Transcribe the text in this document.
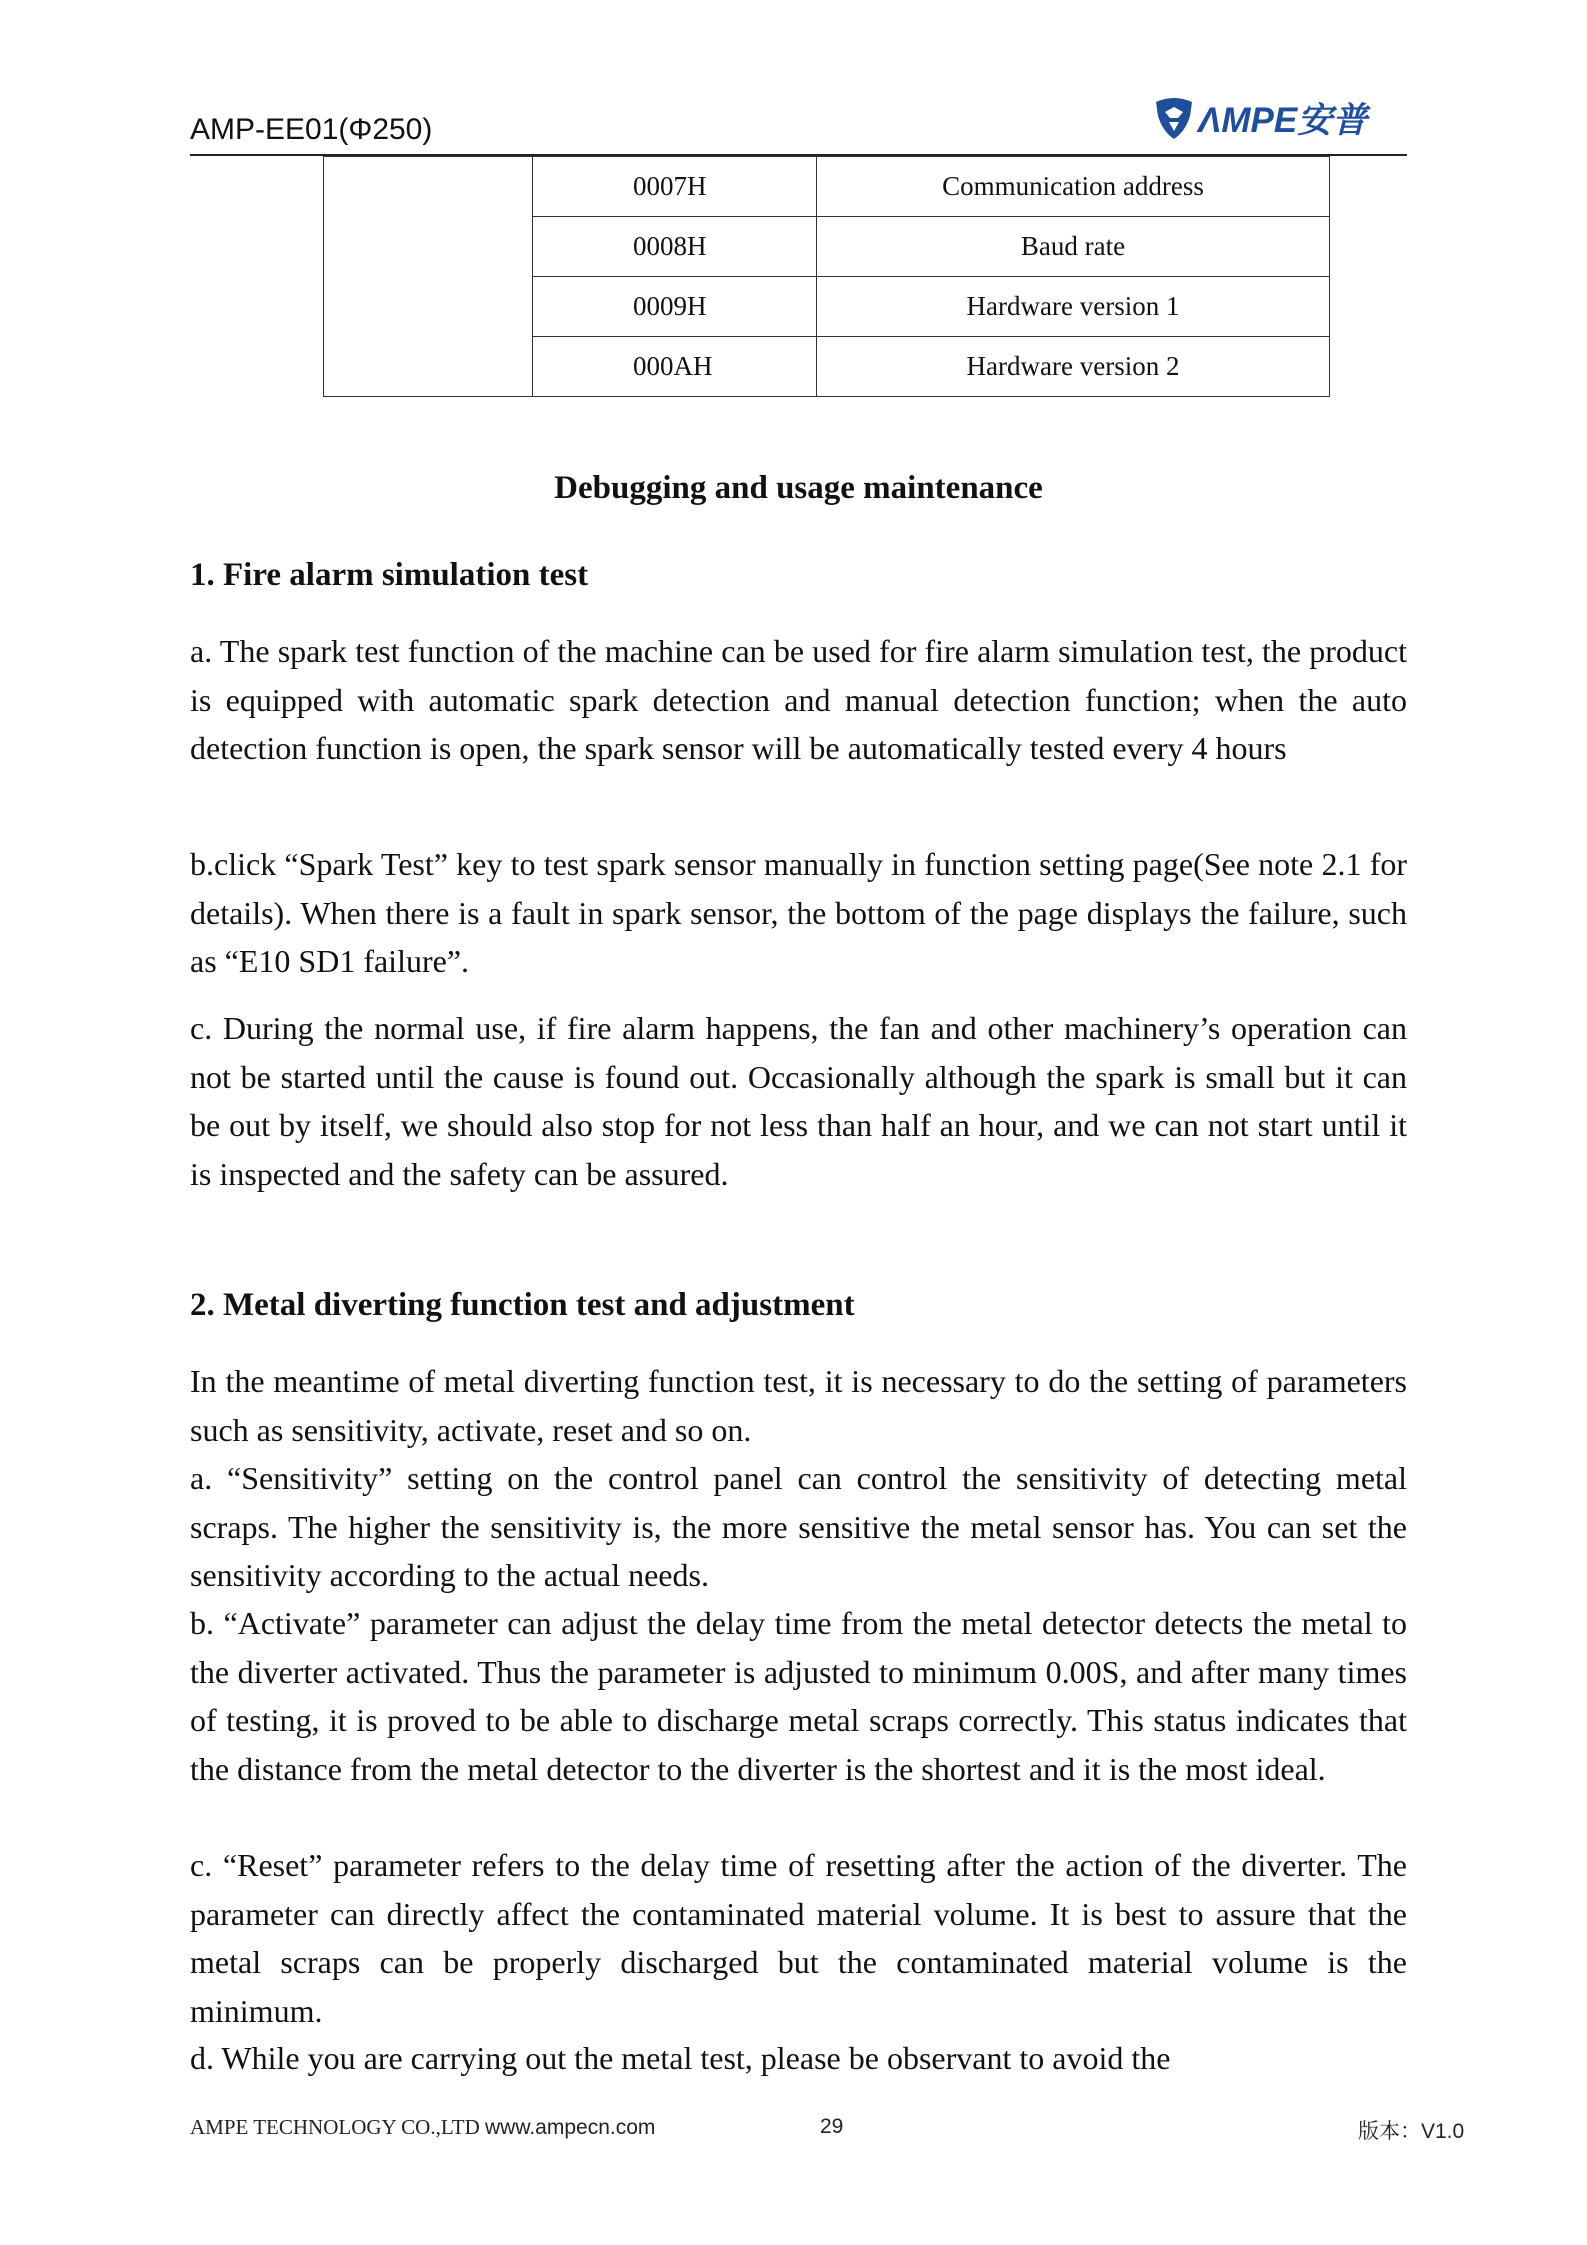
AMP-EE01(Φ250)	ΛMPE安普
	0007H	Communication address
	0008H	Baud rate
	0009H	Hardware version 1
	000AH	Hardware version 2
Debugging and usage maintenance
1. Fire alarm simulation test
a. The spark test function of the machine can be used for fire alarm simulation test, the product is equipped with automatic spark detection and manual detection function; when the auto detection function is open, the spark sensor will be automatically tested every 4 hours
b.click “Spark Test” key to test spark sensor manually in function setting page(See note 2.1 for details). When there is a fault in spark sensor, the bottom of the page displays the failure, such as “E10 SD1 failure”.
c. During the normal use, if fire alarm happens, the fan and other machinery’s operation can not be started until the cause is found out. Occasionally although the spark is small but it can be out by itself, we should also stop for not less than half an hour, and we can not start until it is inspected and the safety can be assured.
2. Metal diverting function test and adjustment
In the meantime of metal diverting function test, it is necessary to do the setting of parameters such as sensitivity, activate, reset and so on.
a. “Sensitivity” setting on the control panel can control the sensitivity of detecting metal scraps. The higher the sensitivity is, the more sensitive the metal sensor has. You can set the sensitivity according to the actual needs.
b. “Activate” parameter can adjust the delay time from the metal detector detects the metal to the diverter activated. Thus the parameter is adjusted to minimum 0.00S, and after many times of testing, it is proved to be able to discharge metal scraps correctly. This status indicates that the distance from the metal detector to the diverter is the shortest and it is the most ideal.
c. “Reset” parameter refers to the delay time of resetting after the action of the diverter. The parameter can directly affect the contaminated material volume. It is best to assure that the metal scraps can be properly discharged but the contaminated material volume is the minimum.
d. While you are carrying out the metal test, please be observant to avoid the
AMPE TECHNOLOGY CO.,LTD www.ampecn.com	29	版本：V1.0
